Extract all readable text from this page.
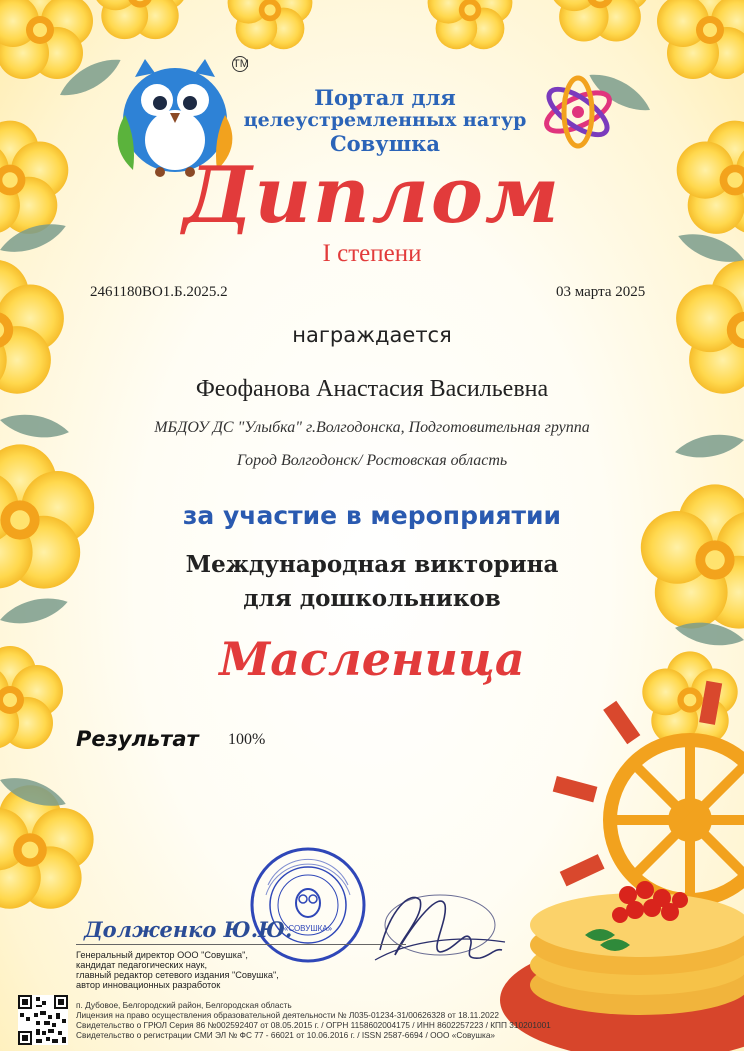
TM
Портал для
целеустремленных натур
Совушка
Диплом
I степени
2461180ВО1.Б.2025.2	03 марта 2025
награждается
Феофанова Анастасия Васильевна
МБДОУ ДС "Улыбка" г.Волгодонска, Подготовительная группа
Город Волгодонск/ Ростовская область
за участие в мероприятии
Международная викторина
для дошкольников
Масленица
Результат 100%
«СОВУШКА»
Долженко Ю.Ю.
Генеральный директор ООО "Совушка",
кандидат педагогических наук,
главный редактор сетевого издания "Совушка",
автор инновационных разработок
п. Дубовое, Белгородский район, Белгородская область
Лицензия на право осуществления образовательной деятельности № Л035-01234-31/00626328 от 18.11.2022
Свидетельство о ГРЮЛ Серия 86 №002592407 от 08.05.2015 г. / ОГРН 1158602004175 / ИНН 8602257223 / КПП 310201001
Свидетельство о регистрации СМИ ЭЛ № ФС 77 - 66021 от 10.06.2016 г. / ISSN 2587-6694 / ООО «Совушка»
